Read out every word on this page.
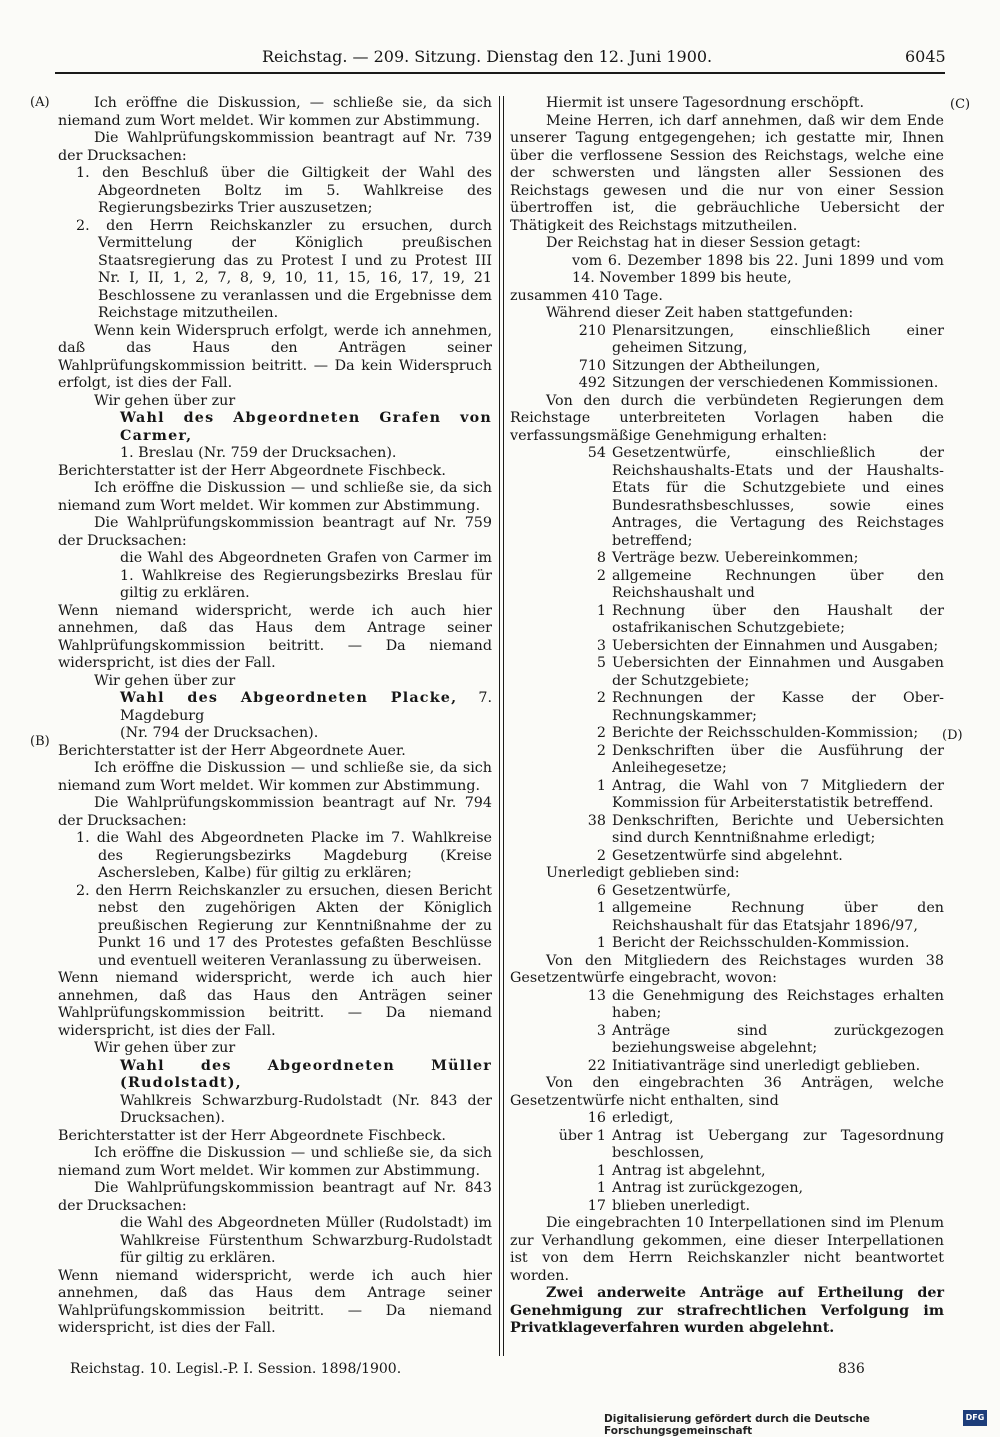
Reichstag. — 209. Sitzung. Dienstag den 12. Juni 1900.	6045
(A)
(B)
(C)
(D)

Ich eröffne die Diskussion, — schließe sie, da sich niemand zum Wort meldet. Wir kommen zur Abstimmung.

Die Wahlprüfungskommission beantragt auf Nr. 739 der Drucksachen:

1. den Beschluß über die Giltigkeit der Wahl des Abgeordneten Boltz im 5. Wahlkreise des Regierungsbezirks Trier auszusetzen;

2. den Herrn Reichskanzler zu ersuchen, durch Vermittelung der Königlich preußischen Staatsregierung das zu Protest I und zu Protest III Nr. I, II, 1, 2, 7, 8, 9, 10, 11, 15, 16, 17, 19, 21 Beschlossene zu veranlassen und die Ergebnisse dem Reichstage mitzutheilen.

Wenn kein Widerspruch erfolgt, werde ich annehmen, daß das Haus den Anträgen seiner Wahlprüfungskommission beitritt. — Da kein Widerspruch erfolgt, ist dies der Fall.

Wir gehen über zur

Wahl des Abgeordneten Grafen von Carmer,

1. Breslau (Nr. 759 der Drucksachen).

Berichterstatter ist der Herr Abgeordnete Fischbeck.

Ich eröffne die Diskussion — und schließe sie, da sich niemand zum Wort meldet. Wir kommen zur Abstimmung.

Die Wahlprüfungskommission beantragt auf Nr. 759 der Drucksachen:

die Wahl des Abgeordneten Grafen von Carmer im 1. Wahlkreise des Regierungsbezirks Breslau für giltig zu erklären.

Wenn niemand widerspricht, werde ich auch hier annehmen, daß das Haus dem Antrage seiner Wahlprüfungskommission beitritt. — Da niemand widerspricht, ist dies der Fall.

Wir gehen über zur

Wahl des Abgeordneten Placke, 7. Magdeburg

(Nr. 794 der Drucksachen).

Berichterstatter ist der Herr Abgeordnete Auer.

Ich eröffne die Diskussion — und schließe sie, da sich niemand zum Wort meldet. Wir kommen zur Abstimmung.

Die Wahlprüfungskommission beantragt auf Nr. 794 der Drucksachen:

1. die Wahl des Abgeordneten Placke im 7. Wahlkreise des Regierungsbezirks Magdeburg (Kreise Aschersleben, Kalbe) für giltig zu erklären;

2. den Herrn Reichskanzler zu ersuchen, diesen Bericht nebst den zugehörigen Akten der Königlich preußischen Regierung zur Kenntnißnahme der zu Punkt 16 und 17 des Protestes gefaßten Beschlüsse und eventuell weiteren Veranlassung zu überweisen.

Wenn niemand widerspricht, werde ich auch hier annehmen, daß das Haus den Anträgen seiner Wahlprüfungskommission beitritt. — Da niemand widerspricht, ist dies der Fall.

Wir gehen über zur

Wahl des Abgeordneten Müller (Rudolstadt),

Wahlkreis Schwarzburg-Rudolstadt (Nr. 843 der Drucksachen).

Berichterstatter ist der Herr Abgeordnete Fischbeck.

Ich eröffne die Diskussion — und schließe sie, da sich niemand zum Wort meldet. Wir kommen zur Abstimmung.

Die Wahlprüfungskommission beantragt auf Nr. 843 der Drucksachen:

die Wahl des Abgeordneten Müller (Rudolstadt) im Wahlkreise Fürstenthum Schwarzburg-Rudolstadt für giltig zu erklären.

Wenn niemand widerspricht, werde ich auch hier annehmen, daß das Haus dem Antrage seiner Wahlprüfungskommission beitritt. — Da niemand widerspricht, ist dies der Fall.

Hiermit ist unsere Tagesordnung erschöpft.

Meine Herren, ich darf annehmen, daß wir dem Ende unserer Tagung entgegengehen; ich gestatte mir, Ihnen über die verflossene Session des Reichstags, welche eine der schwersten und längsten aller Sessionen des Reichstags gewesen und die nur von einer Session übertroffen ist, die gebräuchliche Uebersicht der Thätigkeit des Reichstags mitzutheilen.

Der Reichstag hat in dieser Session getagt:

vom 6. Dezember 1898 bis 22. Juni 1899 und vom 14. November 1899 bis heute,

zusammen 410 Tage.

Während dieser Zeit haben stattgefunden:

210 Plenarsitzungen, einschließlich einer geheimen Sitzung,
710 Sitzungen der Abtheilungen,
492 Sitzungen der verschiedenen Kommissionen.

Von den durch die verbündeten Regierungen dem Reichstage unterbreiteten Vorlagen haben die verfassungsmäßige Genehmigung erhalten:

54 Gesetzentwürfe, einschließlich der Reichshaushalts-Etats und der Haushalts-Etats für die Schutzgebiete und eines Bundesrathsbeschlusses, sowie eines Antrages, die Vertagung des Reichstages betreffend;
8 Verträge bezw. Uebereinkommen;
2 allgemeine Rechnungen über den Reichshaushalt und
1 Rechnung über den Haushalt der ostafrikanischen Schutzgebiete;
3 Uebersichten der Einnahmen und Ausgaben;
5 Uebersichten der Einnahmen und Ausgaben der Schutzgebiete;
2 Rechnungen der Kasse der Ober-Rechnungskammer;
2 Berichte der Reichsschulden-Kommission;
2 Denkschriften über die Ausführung der Anleihegesetze;
1 Antrag, die Wahl von 7 Mitgliedern der Kommission für Arbeiterstatistik betreffend.
38 Denkschriften, Berichte und Uebersichten sind durch Kenntnißnahme erledigt;
2 Gesetzentwürfe sind abgelehnt.

Unerledigt geblieben sind:

6 Gesetzentwürfe,
1 allgemeine Rechnung über den Reichshaushalt für das Etatsjahr 1896/97,
1 Bericht der Reichsschulden-Kommission.

Von den Mitgliedern des Reichstages wurden 38 Gesetzentwürfe eingebracht, wovon:

13 die Genehmigung des Reichstages erhalten haben;
3 Anträge sind zurückgezogen beziehungsweise abgelehnt;
22 Initiativanträge sind unerledigt geblieben.

Von den eingebrachten 36 Anträgen, welche Gesetzentwürfe nicht enthalten, sind

16 erledigt,
über 1 Antrag ist Uebergang zur Tagesordnung beschlossen,
1 Antrag ist abgelehnt,
1 Antrag ist zurückgezogen,
17 blieben unerledigt.

Die eingebrachten 10 Interpellationen sind im Plenum zur Verhandlung gekommen, eine dieser Interpellationen ist von dem Herrn Reichskanzler nicht beantwortet worden.

Zwei anderweite Anträge auf Ertheilung der Genehmigung zur strafrechtlichen Verfolgung im Privatklageverfahren wurden abgelehnt.

Reichstag. 10. Legisl.-P. I. Session. 1898/1900.	836
Digitalisierung gefördert durch die Deutsche Forschungsgemeinschaft
DFG
